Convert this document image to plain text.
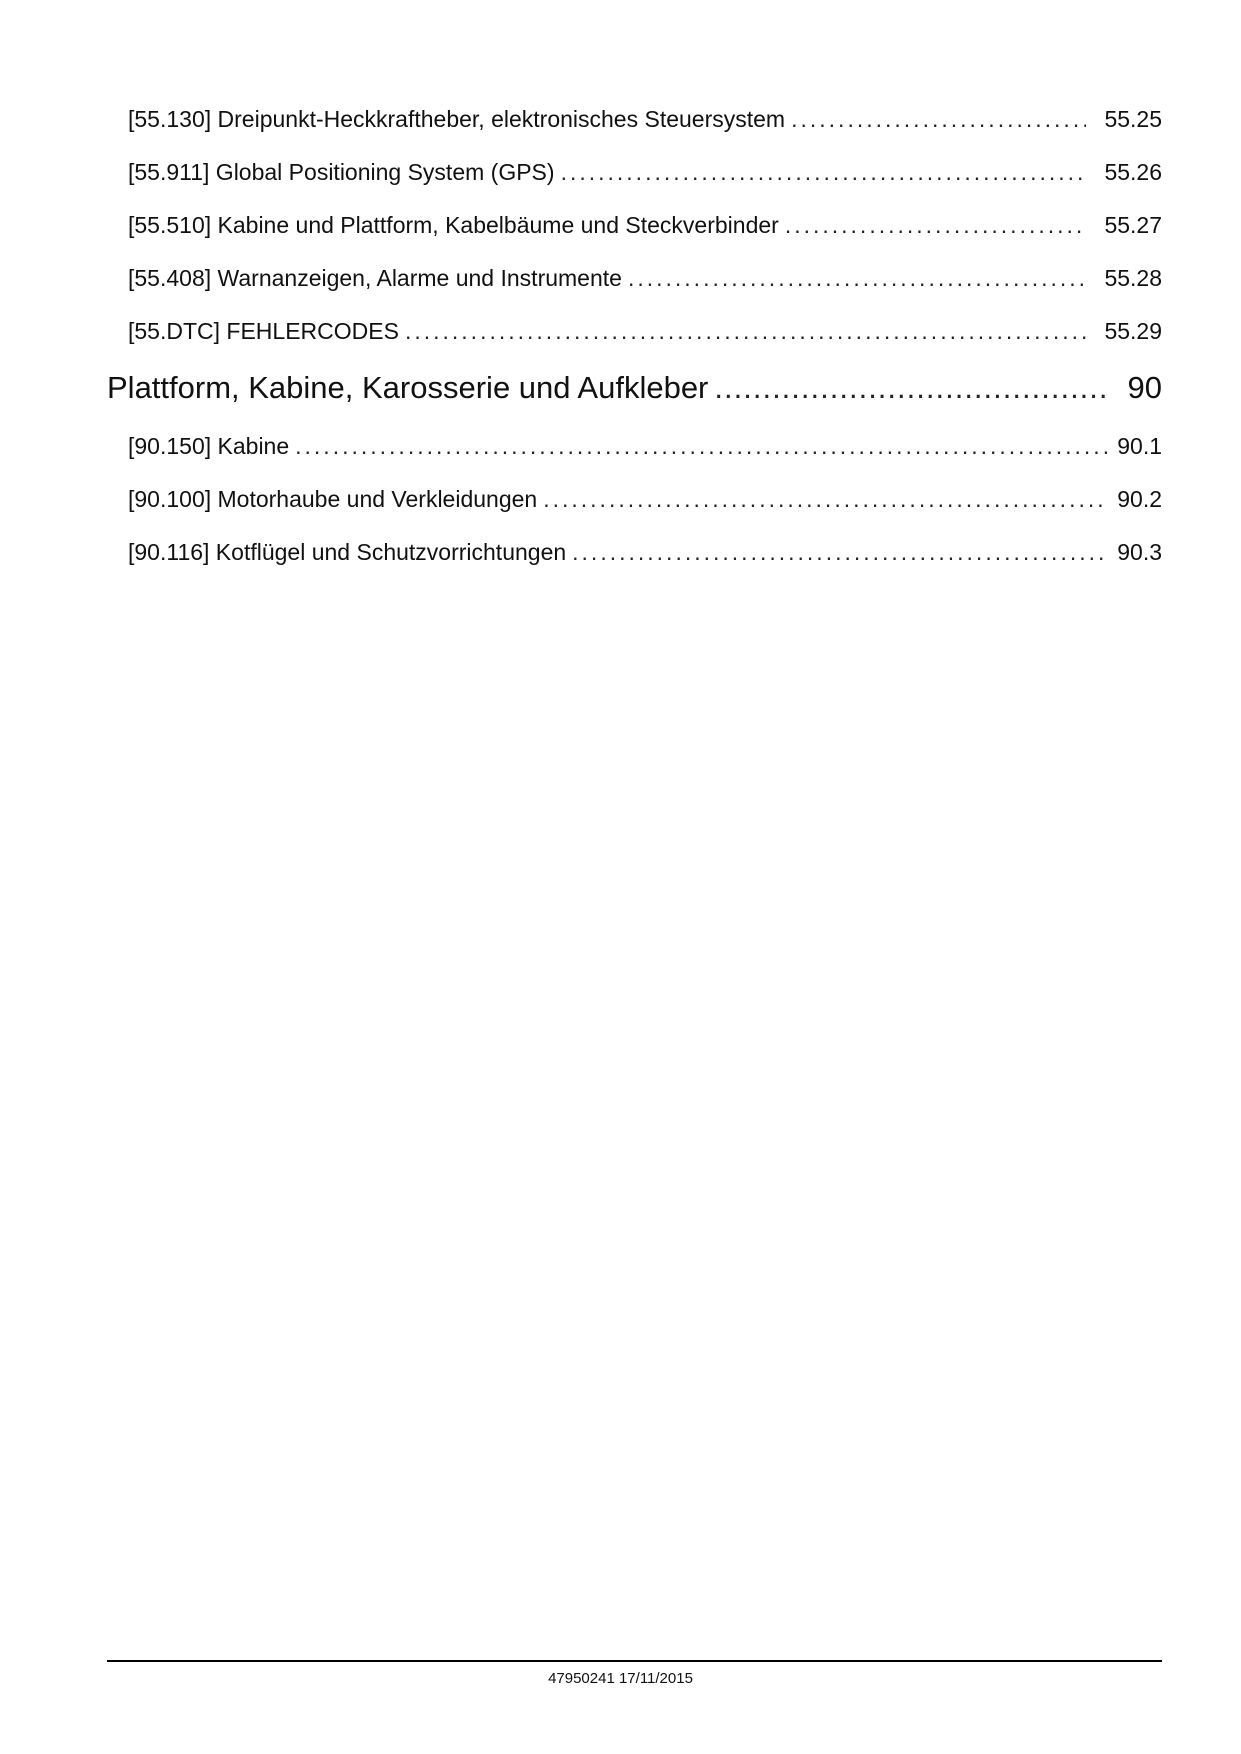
[55.130] Dreipunkt-Heckkraftheber, elektronisches Steuersystem .....	55.25
[55.911] Global Positioning System (GPS) .....	55.26
[55.510] Kabine und Plattform, Kabelbäume und Steckverbinder .....	55.27
[55.408] Warnanzeigen, Alarme und Instrumente .....	55.28
[55.DTC] FEHLERCODES .....	55.29
Plattform, Kabine, Karosserie und Aufkleber .....	90
[90.150] Kabine .....	90.1
[90.100] Motorhaube und Verkleidungen .....	90.2
[90.116] Kotflügel und Schutzvorrichtungen .....	90.3
47950241 17/11/2015
